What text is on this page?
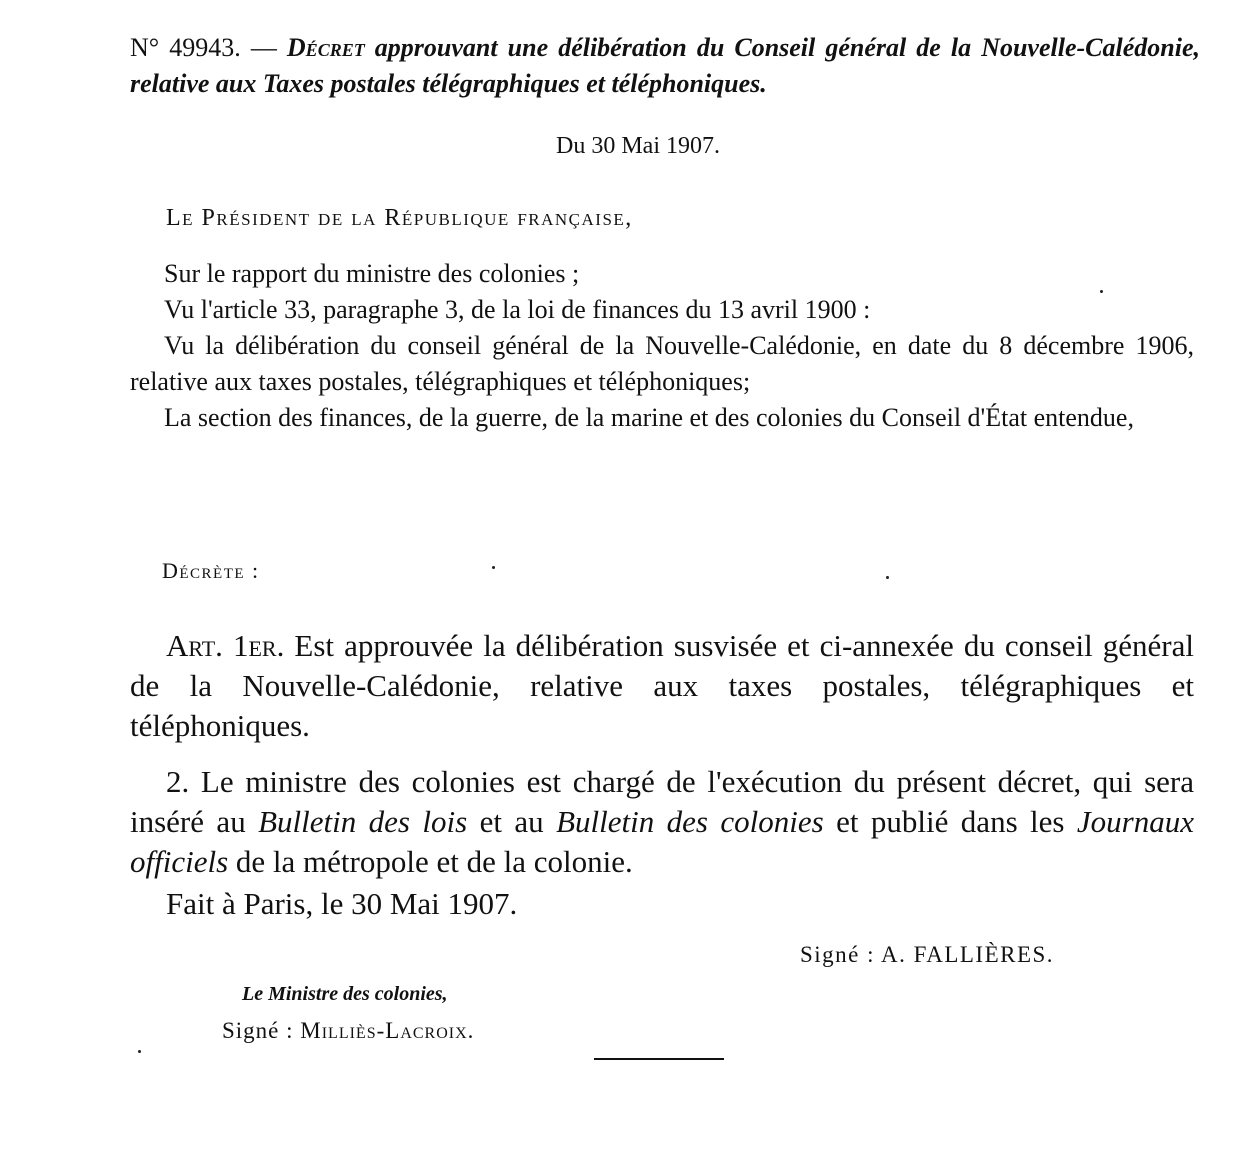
N° 49943. — Décret approuvant une délibération du Conseil général de la Nouvelle-Calédonie, relative aux Taxes postales télégraphiques et téléphoniques.
Du 30 Mai 1907.
Le Président de la République française,

Sur le rapport du ministre des colonies ;

Vu l'article 33, paragraphe 3, de la loi de finances du 13 avril 1900 :

Vu la délibération du conseil général de la Nouvelle-Calédonie, en date du 8 décembre 1906, relative aux taxes postales, télégraphiques et téléphoniques;

La section des finances, de la guerre, de la marine et des colonies du Conseil d'État entendue,

Décrète :

Art. 1er. Est approuvée la délibération susvisée et ci-annexée du conseil général de la Nouvelle-Calédonie, relative aux taxes postales, télégraphiques et téléphoniques.

2. Le ministre des colonies est chargé de l'exécution du présent décret, qui sera inséré au Bulletin des lois et au Bulletin des colonies et publié dans les Journaux officiels de la métropole et de la colonie.

Fait à Paris, le 30 Mai 1907.
Signé : A. FALLIÈRES.
Le Ministre des colonies,
Signé : Milliès-Lacroix.
